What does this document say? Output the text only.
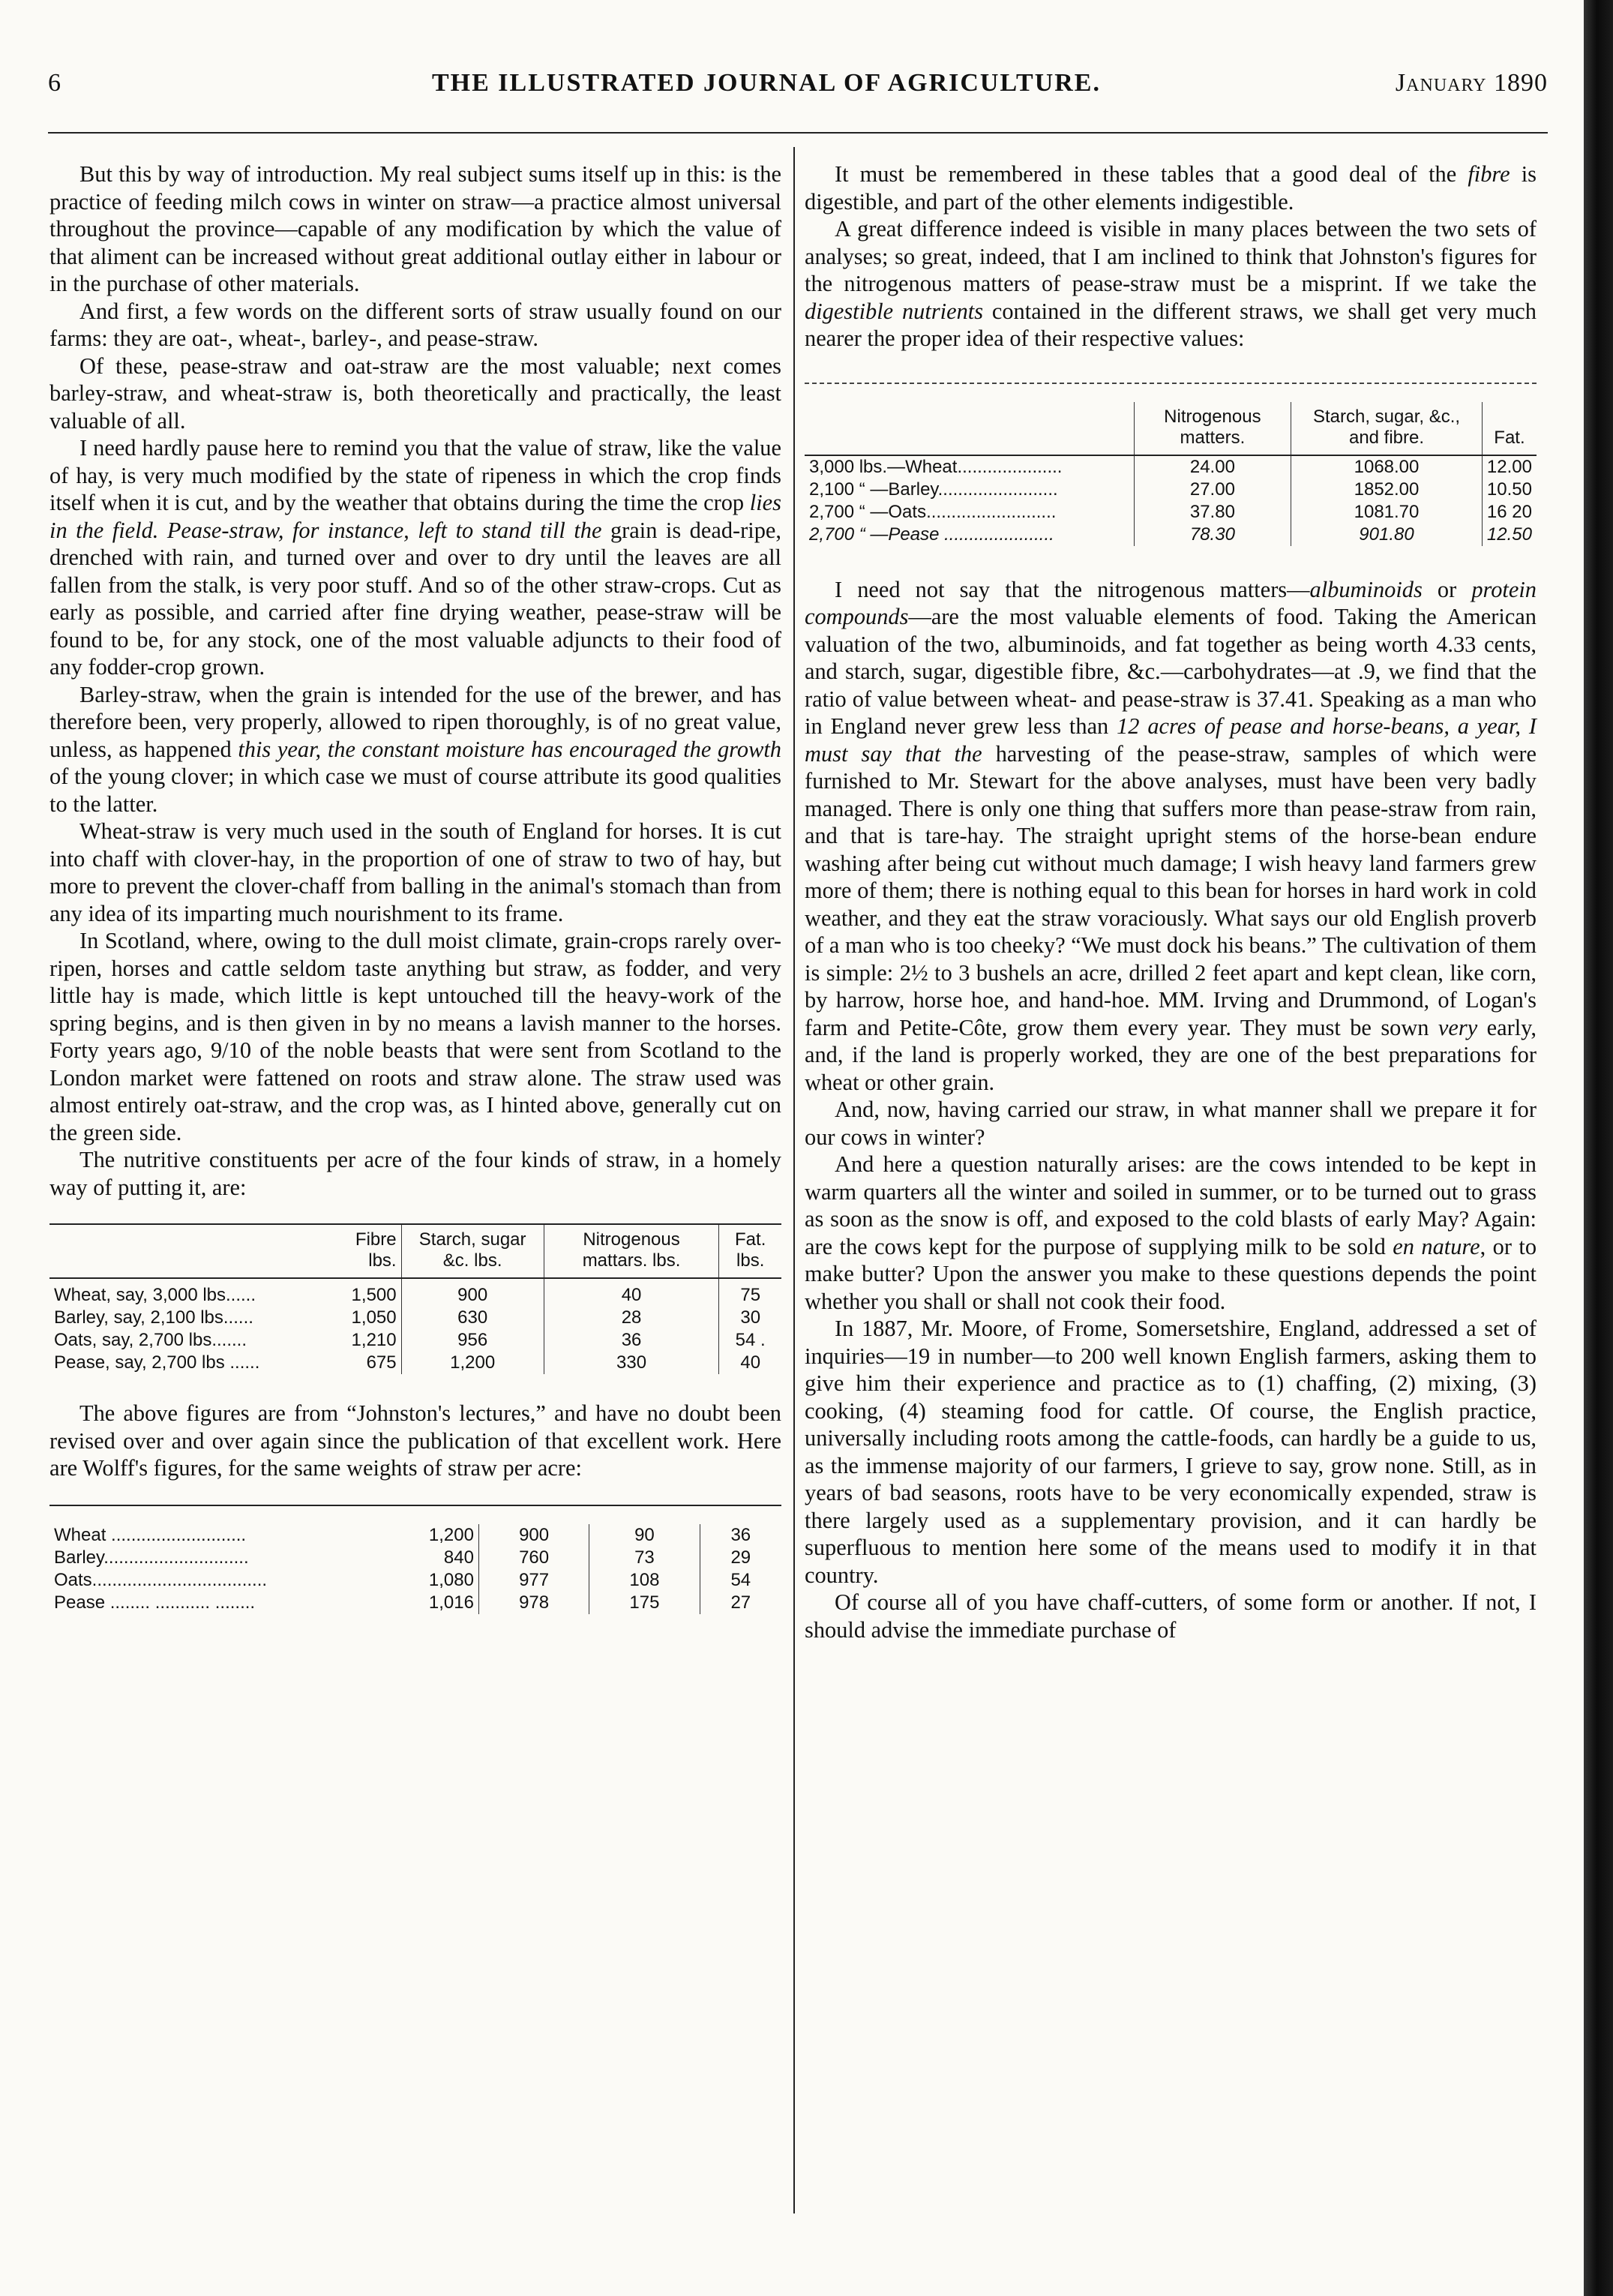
6	THE ILLUSTRATED JOURNAL OF AGRICULTURE.	January 1890

But this by way of introduction. My real subject sums itself up in this: is the practice of feeding milch cows in winter on straw—a practice almost universal throughout the province—capable of any modification by which the value of that aliment can be increased without great additional outlay either in labour or in the purchase of other materials.

And first, a few words on the different sorts of straw usually found on our farms: they are oat-, wheat-, barley-, and pease-straw.

Of these, pease-straw and oat-straw are the most valuable; next comes barley-straw, and wheat-straw is, both theoretically and practically, the least valuable of all.

I need hardly pause here to remind you that the value of straw, like the value of hay, is very much modified by the state of ripeness in which the crop finds itself when it is cut, and by the weather that obtains during the time the crop lies in the field. Pease-straw, for instance, left to stand till the grain is dead-ripe, drenched with rain, and turned over and over to dry until the leaves are all fallen from the stalk, is very poor stuff. And so of the other straw-crops. Cut as early as possible, and carried after fine drying weather, pease-straw will be found to be, for any stock, one of the most valuable adjuncts to their food of any fodder-crop grown.

Barley-straw, when the grain is intended for the use of the brewer, and has therefore been, very properly, allowed to ripen thoroughly, is of no great value, unless, as happened this year, the constant moisture has encouraged the growth of the young clover; in which case we must of course attribute its good qualities to the latter.

Wheat-straw is very much used in the south of England for horses. It is cut into chaff with clover-hay, in the proportion of one of straw to two of hay, but more to prevent the clover-chaff from balling in the animal's stomach than from any idea of its imparting much nourishment to its frame.

In Scotland, where, owing to the dull moist climate, grain-crops rarely over-ripen, horses and cattle seldom taste anything but straw, as fodder, and very little hay is made, which little is kept untouched till the heavy-work of the spring begins, and is then given in by no means a lavish manner to the horses. Forty years ago, 9/10 of the noble beasts that were sent from Scotland to the London market were fattened on roots and straw alone. The straw used was almost entirely oat-straw, and the crop was, as I hinted above, generally cut on the green side.

The nutritive constituents per acre of the four kinds of straw, in a homely way of putting it, are:

	Fibre lbs.	Starch, sugar &c. lbs.	Nitrogenous mattars. lbs.	Fat. lbs.
Wheat, say, 3,000 lbs......	1,500	900	40	75
Barley, say, 2,100 lbs......	1,050	630	28	30
Oats, say, 2,700 lbs.......	1,210	956	36	54 .
Pease, say, 2,700 lbs ......	675	1,200	330	40

The above figures are from “Johnston's lectures,” and have no doubt been revised over and over again since the publication of that excellent work. Here are Wolff's figures, for the same weights of straw per acre:

Wheat ...........................	1,200	900	90	36
Barley.............................	840	760	73	29
Oats...................................	1,080	977	108	54
Pease ........ ........... ........	1,016	978	175	27

It must be remembered in these tables that a good deal of the fibre is digestible, and part of the other elements indigestible.

A great difference indeed is visible in many places between the two sets of analyses; so great, indeed, that I am inclined to think that Johnston's figures for the nitrogenous matters of pease-straw must be a misprint. If we take the digestible nutrients contained in the different straws, we shall get very much nearer the proper idea of their respective values:

	Nitrogenous matters.	Starch, sugar, &c., and fibre.	Fat.
3,000 lbs.—Wheat.....................	24.00	1068.00	12.00
2,100 “ —Barley........................	27.00	1852.00	10.50
2,700 “ —Oats..........................	37.80	1081.70	16 20
2,700 “ —Pease ......................	78.30	901.80	12.50

I need not say that the nitrogenous matters—albuminoids or protein compounds—are the most valuable elements of food. Taking the American valuation of the two, albuminoids, and fat together as being worth 4.33 cents, and starch, sugar, digestible fibre, &c.—carbohydrates—at .9, we find that the ratio of value between wheat- and pease-straw is 37.41. Speaking as a man who in England never grew less than 12 acres of pease and horse-beans, a year, I must say that the harvesting of the pease-straw, samples of which were furnished to Mr. Stewart for the above analyses, must have been very badly managed. There is only one thing that suffers more than pease-straw from rain, and that is tare-hay. The straight upright stems of the horse-bean endure washing after being cut without much damage; I wish heavy land farmers grew more of them; there is nothing equal to this bean for horses in hard work in cold weather, and they eat the straw voraciously. What says our old English proverb of a man who is too cheeky? “We must dock his beans.” The cultivation of them is simple: 2½ to 3 bushels an acre, drilled 2 feet apart and kept clean, like corn, by harrow, horse hoe, and hand-hoe. MM. Irving and Drummond, of Logan's farm and Petite-Côte, grow them every year. They must be sown very early, and, if the land is properly worked, they are one of the best preparations for wheat or other grain.

And, now, having carried our straw, in what manner shall we prepare it for our cows in winter?

And here a question naturally arises: are the cows intended to be kept in warm quarters all the winter and soiled in summer, or to be turned out to grass as soon as the snow is off, and exposed to the cold blasts of early May? Again: are the cows kept for the purpose of supplying milk to be sold en nature, or to make butter? Upon the answer you make to these questions depends the point whether you shall or shall not cook their food.

In 1887, Mr. Moore, of Frome, Somersetshire, England, addressed a set of inquiries—19 in number—to 200 well known English farmers, asking them to give him their experience and practice as to (1) chaffing, (2) mixing, (3) cooking, (4) steaming food for cattle. Of course, the English practice, universally including roots among the cattle-foods, can hardly be a guide to us, as the immense majority of our farmers, I grieve to say, grow none. Still, as in years of bad seasons, roots have to be very economically expended, straw is there largely used as a supplementary provision, and it can hardly be superfluous to mention here some of the means used to modify it in that country.

Of course all of you have chaff-cutters, of some form or another. If not, I should advise the immediate purchase of
